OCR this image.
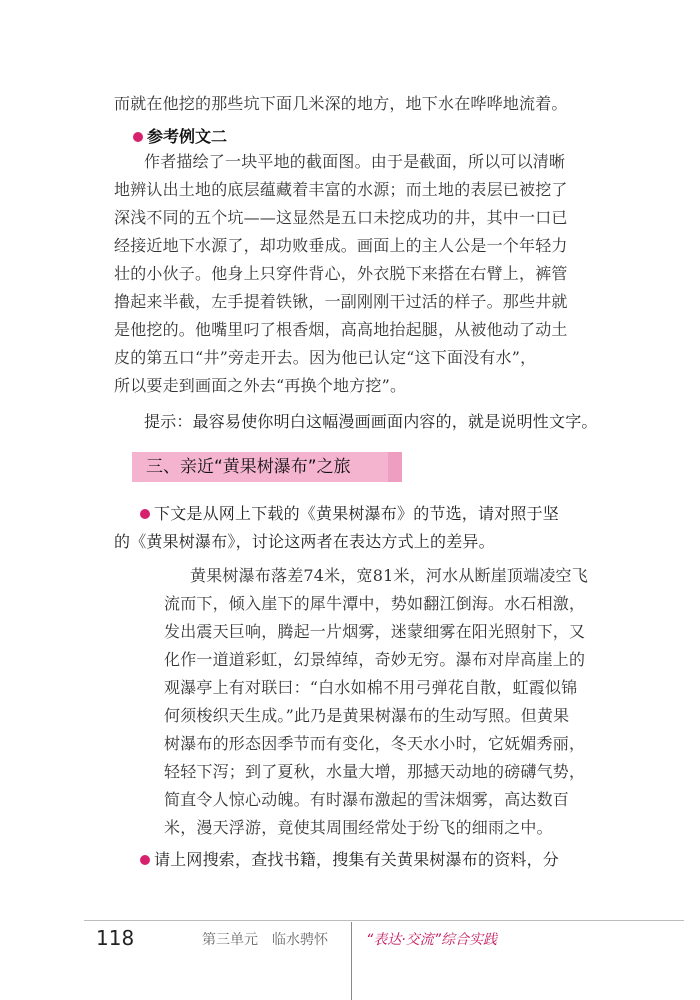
而就在他挖的那些坑下面几米深的地方，地下水在哗哗地流着。
参考例文二
作者描绘了一块平地的截面图。由于是截面，所以可以清晰
地辨认出土地的底层蕴藏着丰富的水源；而土地的表层已被挖了
深浅不同的五个坑——这显然是五口未挖成功的井，其中一口已
经接近地下水源了，却功败垂成。画面上的主人公是一个年轻力
壮的小伙子。他身上只穿件背心，外衣脱下来搭在右臂上，裤管
撸起来半截，左手提着铁锹，一副刚刚干过活的样子。那些井就
是他挖的。他嘴里叼了根香烟，高高地抬起腿，从被他动了动土
皮的第五口“井”旁走开去。因为他已认定“这下面没有水”，
所以要走到画面之外去“再换个地方挖”。
提示：最容易使你明白这幅漫画画面内容的，就是说明性文字。
三、亲近“黄果树瀑布”之旅
下文是从网上下载的《黄果树瀑布》的节选，请对照于坚
的《黄果树瀑布》，讨论这两者在表达方式上的差异。
黄果树瀑布落差74米，宽81米，河水从断崖顶端凌空飞
流而下，倾入崖下的犀牛潭中，势如翻江倒海。水石相激，
发出震天巨响，腾起一片烟雾，迷蒙细雾在阳光照射下，又
化作一道道彩虹，幻景绰绰，奇妙无穷。瀑布对岸高崖上的
观瀑亭上有对联曰：“白水如棉不用弓弹花自散，虹霞似锦
何须梭织天生成。”此乃是黄果树瀑布的生动写照。但黄果
树瀑布的形态因季节而有变化，冬天水小时，它妩媚秀丽，
轻轻下泻；到了夏秋，水量大增，那撼天动地的磅礴气势，
简直令人惊心动魄。有时瀑布激起的雪沫烟雾，高达数百
米，漫天浮游，竟使其周围经常处于纷飞的细雨之中。
请上网搜索，查找书籍，搜集有关黄果树瀑布的资料，分
118	第三单元　临水骋怀	“表达·交流”综合实践
